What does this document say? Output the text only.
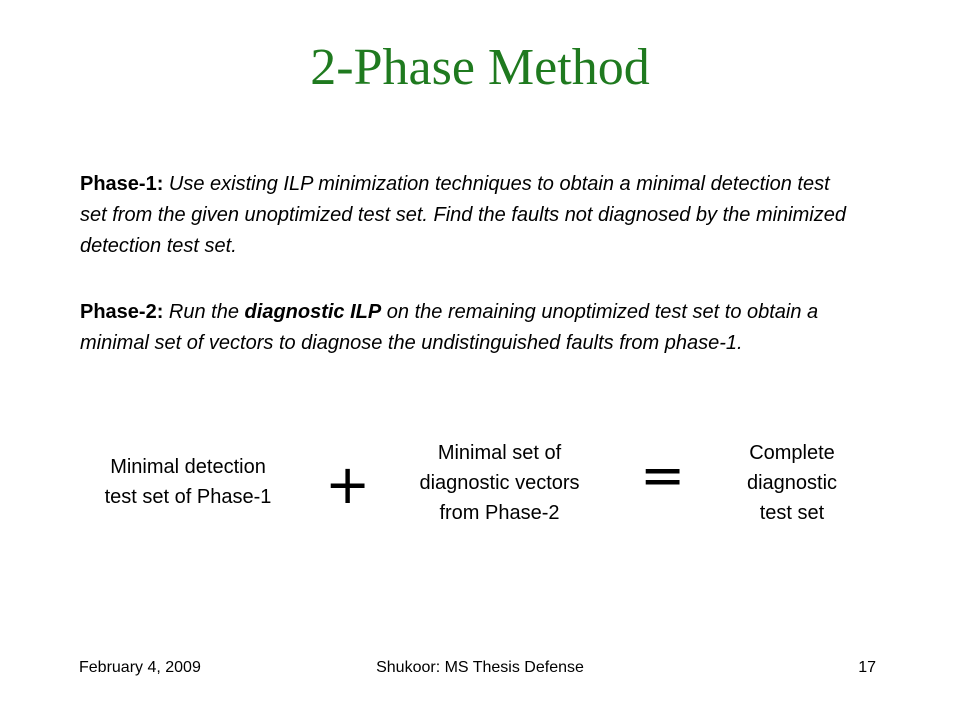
2-Phase Method

Phase-1: Use existing ILP minimization techniques to obtain a minimal detection test set from the given unoptimized test set. Find the faults not diagnosed by the minimized detection test set.

Phase-2: Run the diagnostic ILP on the remaining unoptimized test set to obtain a minimal set of vectors to diagnose the undistinguished faults from phase-1.

Minimal detection
test set of Phase-1 +	Minimal set of
diagnostic vectors
from Phase-2
=	Complete
diagnostic
test set
February 4, 2009	Shukoor: MS Thesis Defense	17
